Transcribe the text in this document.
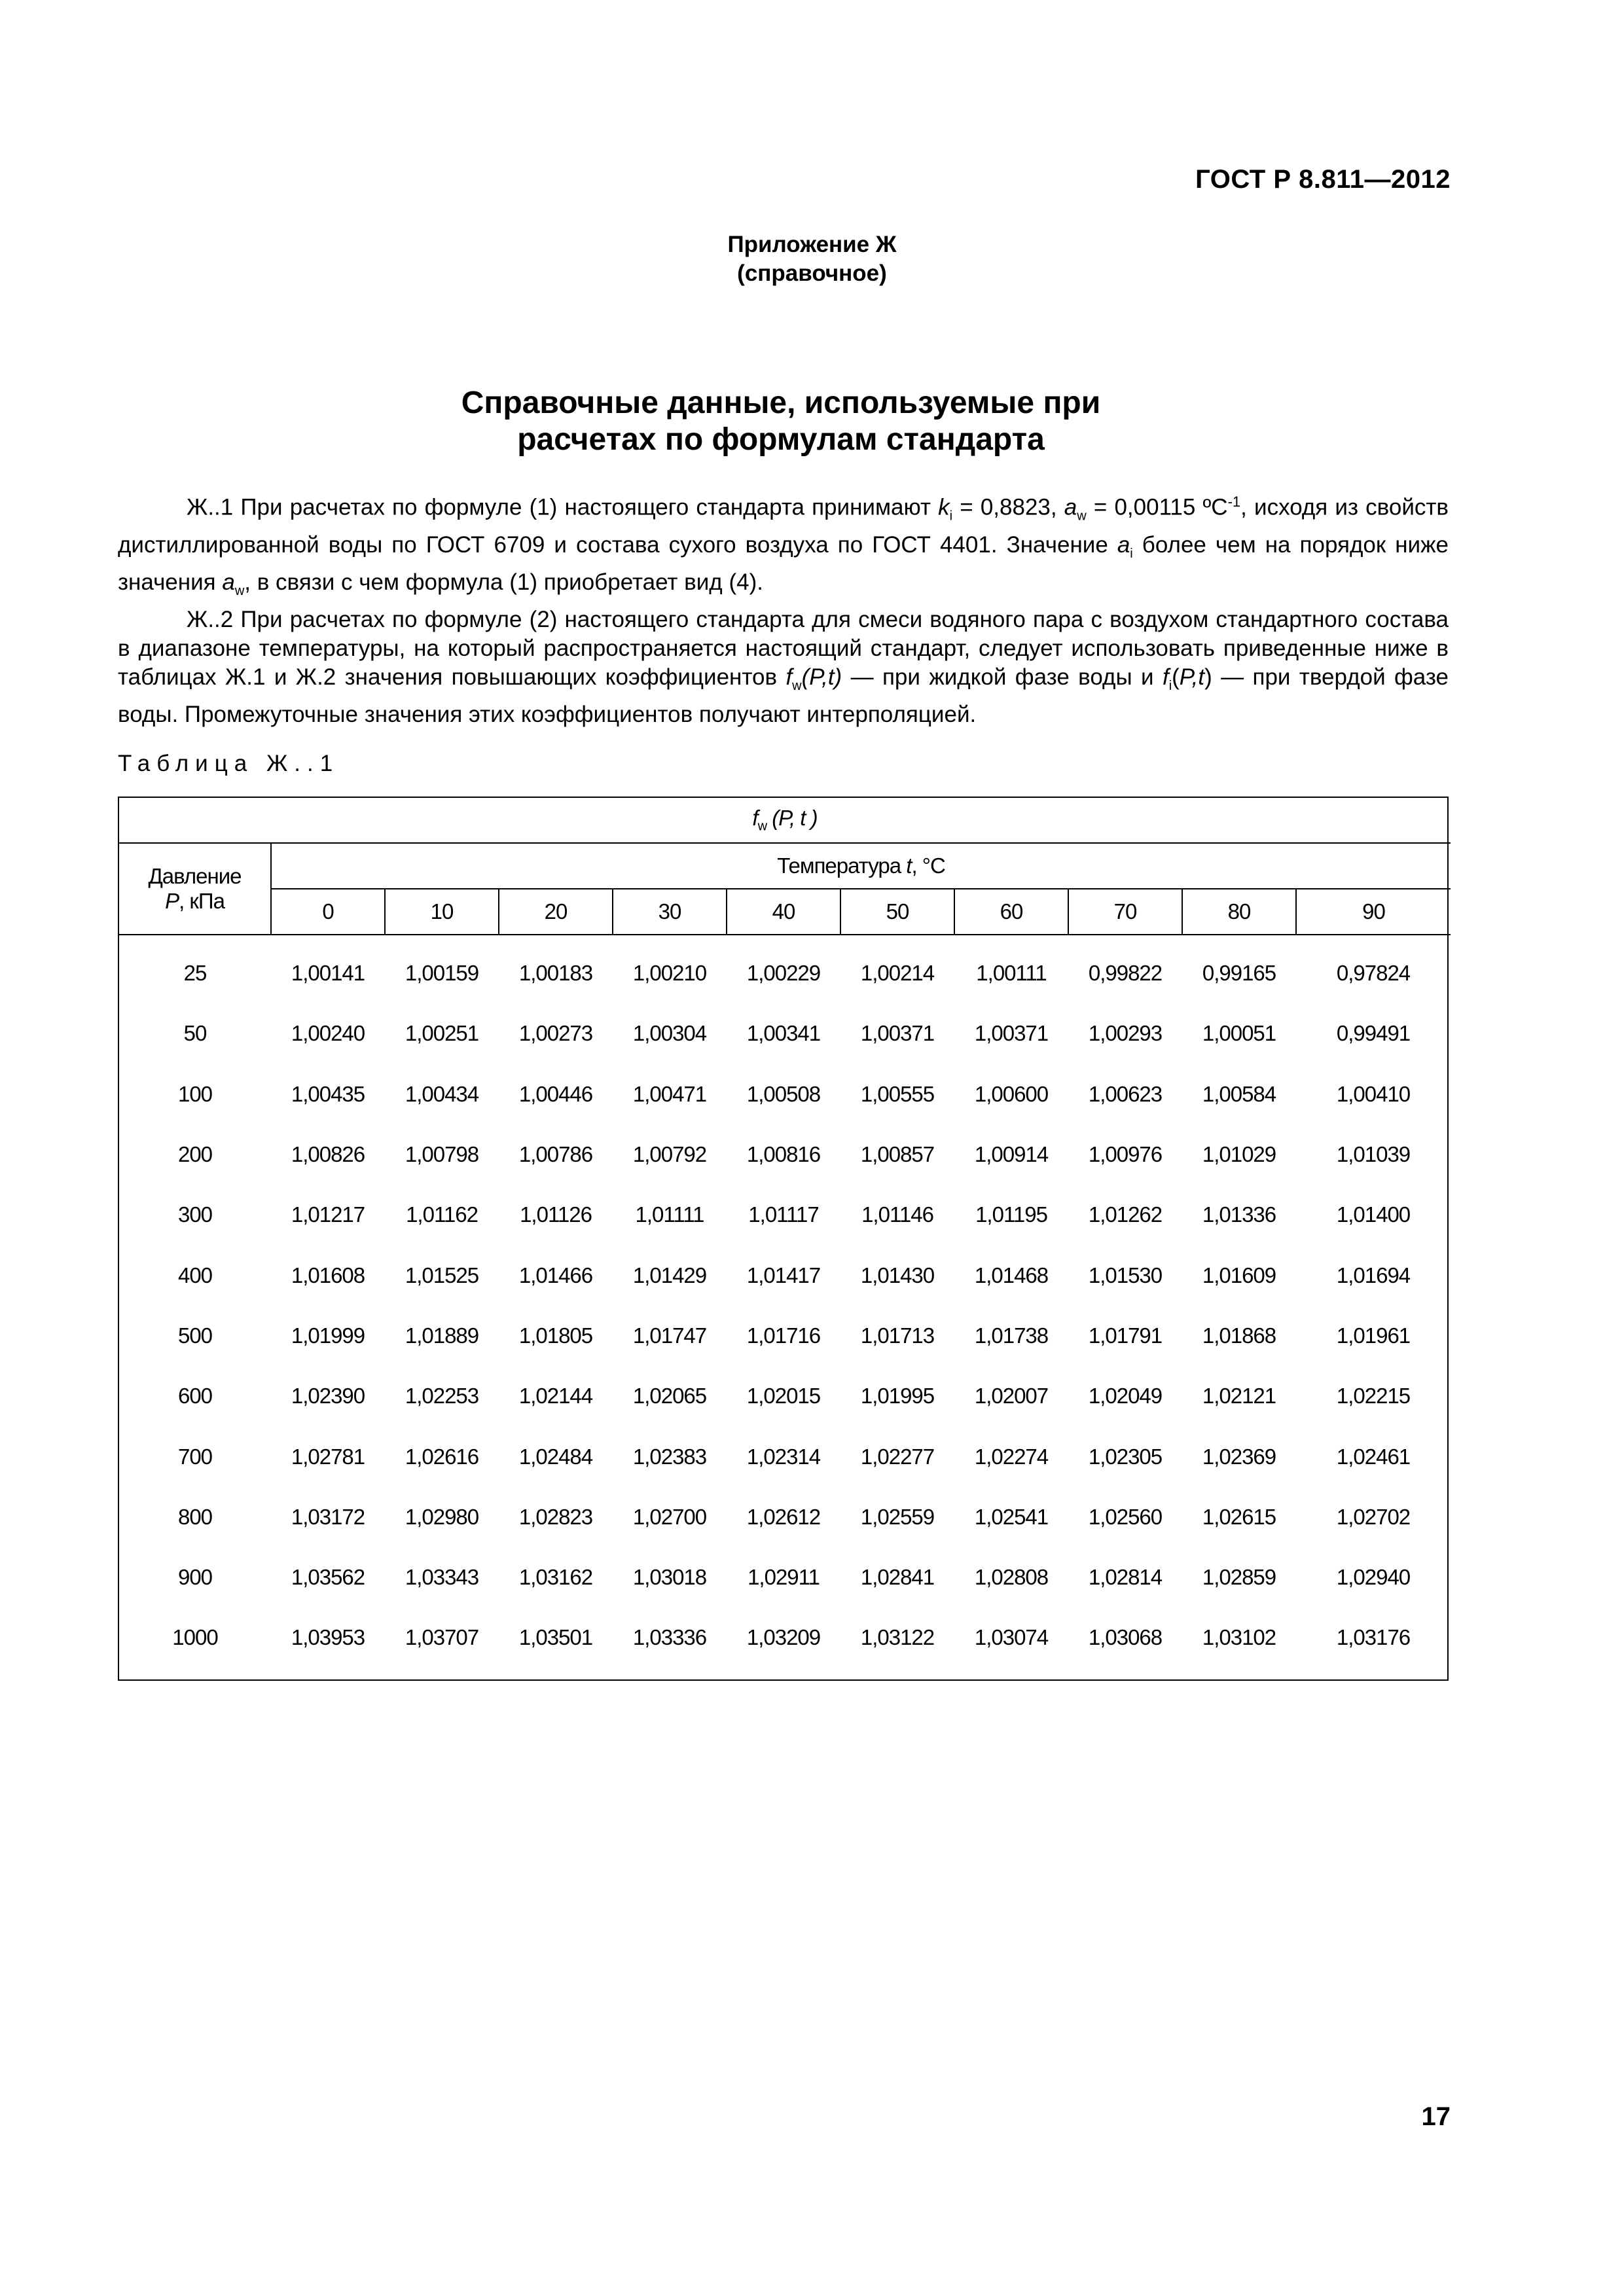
ГОСТ Р 8.811—2012
Приложение Ж
(справочное)
Справочные данные, используемые при
расчетах по формулам стандарта

Ж..1 При расчетах по формуле (1) настоящего стандарта принимают $k_i = 0,8823$, $a_w = 0,00115$ ºС$^{-1}$, исходя из свойств дистиллированной воды по ГОСТ 6709 и состава сухого воздуха по ГОСТ 4401. Значение $a_i$ более чем на порядок ниже значения $a_w$, в связи с чем формула (1) приобретает вид (4).

Ж..2 При расчетах по формуле (2) настоящего стандарта для смеси водяного пара с воздухом стандартного состава в диапазоне температуры, на который распространяется настоящий стандарт, следует использовать приведенные ниже в таблицах Ж.1 и Ж.2 значения повышающих коэффициентов $f_w(P,t)$ — при жидкой фазе воды и $f_i(P,t)$ — при твердой фазе воды. Промежуточные значения этих коэффициентов получают интерполяцией.

Таблица Ж..1
$f_w$ (P, t )										

Давление
P, кПа	Температура t, °С									
	0	10	20	30	40	50	60	70	80	90
25	1,00141	1,00159	1,00183	1,00210	1,00229	1,00214	1,00111	0,99822	0,99165	0,97824
50	1,00240	1,00251	1,00273	1,00304	1,00341	1,00371	1,00371	1,00293	1,00051	0,99491
100	1,00435	1,00434	1,00446	1,00471	1,00508	1,00555	1,00600	1,00623	1,00584	1,00410
200	1,00826	1,00798	1,00786	1,00792	1,00816	1,00857	1,00914	1,00976	1,01029	1,01039
300	1,01217	1,01162	1,01126	1,01111	1,01117	1,01146	1,01195	1,01262	1,01336	1,01400
400	1,01608	1,01525	1,01466	1,01429	1,01417	1,01430	1,01468	1,01530	1,01609	1,01694
500	1,01999	1,01889	1,01805	1,01747	1,01716	1,01713	1,01738	1,01791	1,01868	1,01961
600	1,02390	1,02253	1,02144	1,02065	1,02015	1,01995	1,02007	1,02049	1,02121	1,02215
700	1,02781	1,02616	1,02484	1,02383	1,02314	1,02277	1,02274	1,02305	1,02369	1,02461
800	1,03172	1,02980	1,02823	1,02700	1,02612	1,02559	1,02541	1,02560	1,02615	1,02702
900	1,03562	1,03343	1,03162	1,03018	1,02911	1,02841	1,02808	1,02814	1,02859	1,02940
1000	1,03953	1,03707	1,03501	1,03336	1,03209	1,03122	1,03074	1,03068	1,03102	1,03176
17
